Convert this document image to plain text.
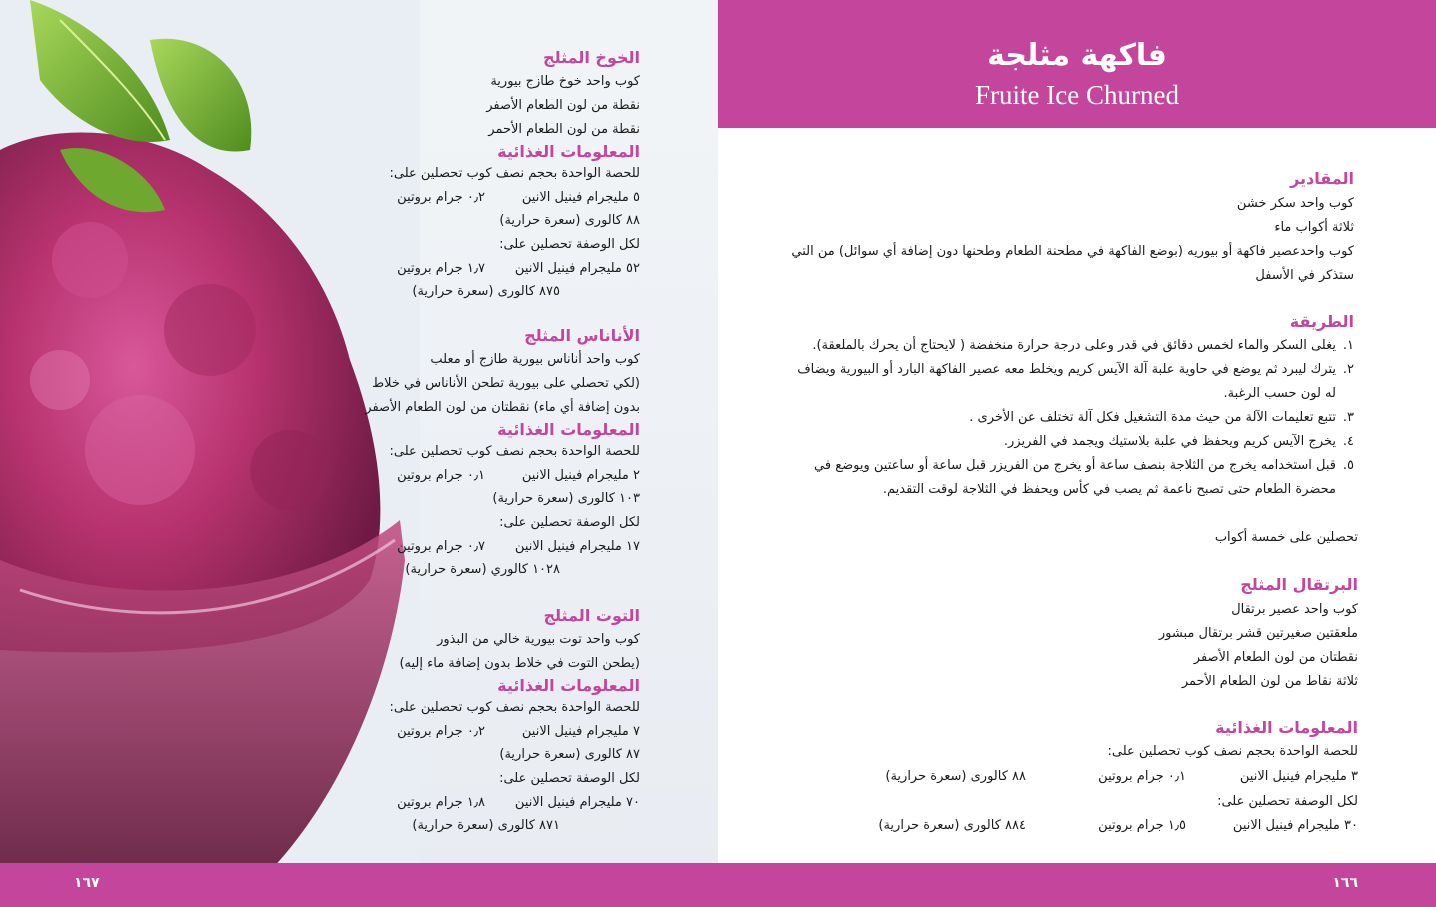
الخوخ المثلج
كوب واحد خوخ طازج بيورية
نقطة من لون الطعام الأصفر
نقطة من لون الطعام الأحمر
المعلومات الغذائية
للحصة الواحدة بحجم نصف كوب تحصلين على:
٥ مليجرام فينيل الانين
٠٫٢ جرام بروتين
٨٨ كالورى (سعرة حرارية)
لكل الوصفة تحصلين على:
٥٢ مليجرام فينيل الانين
١٫٧ جرام بروتين
٨٧٥ كالورى (سعرة حرارية)
الأناناس المثلج
كوب واحد أناناس بيورية طازج أو معلب
(لكي تحصلي على بيورية تطحن الأناناس في خلاط
بدون إضافة أي ماء) نقطتان من لون الطعام الأصفر
المعلومات الغذائية
للحصة الواحدة بحجم نصف كوب تحصلين على:
٢ مليجرام فينيل الانين
٠٫١ جرام بروتين
١٠٣ كالورى (سعرة حرارية)
لكل الوصفة تحصلين على:
١٧ مليجرام فينيل الانين
٠٫٧ جرام بروتين
١٠٢٨ كالوري (سعرة حرارية)
التوت المثلج
كوب واحد توت بيورية خالي من البذور
(يطحن التوت في خلاط بدون إضافة ماء إليه)
المعلومات الغذائية
للحصة الواحدة بحجم نصف كوب تحصلين على:
٧ مليجرام فينيل الانين
٠٫٢ جرام بروتين
٨٧ كالورى (سعرة حرارية)
لكل الوصفة تحصلين على:
٧٠ مليجرام فينيل الانين
١٫٨ جرام بروتين
٨٧١ كالورى (سعرة حرارية)
١٦٧
فاكهة مثلجة
Fruite Ice Churned
المقادير
كوب واحد سكر خشن
ثلاثة أكواب ماء
كوب واحدعصير فاكهة أو بيوريه (بوضع الفاكهة في مطحنة الطعام وطحنها دون إضافة أي سوائل) من التي
ستذكر في الأسفل
الطريقة
١.
يغلى السكر والماء لخمس دقائق في قدر وعلى درجة حرارة منخفضة ( لايحتاج أن يحرك بالملعقة).
٢.
يترك ليبرد ثم يوضع في حاوية علبة آلة الآيس كريم ويخلط معه عصير الفاكهة البارد أو البيورية ويضاف له لون حسب الرغبة.
٣.
تتبع تعليمات الآلة من حيث مدة التشغيل فكل آلة تختلف عن الأخرى .
٤.
يخرج الآيس كريم ويحفظ في علبة بلاستيك ويجمد في الفريزر.
٥.
قبل استخدامه يخرج من الثلاجة بنصف ساعة أو يخرج من الفريزر قبل ساعة أو ساعتين ويوضع في محضرة الطعام حتى تصبح ناعمة ثم يصب في كأس ويحفظ في الثلاجة لوقت التقديم.
تحصلين على خمسة أكواب
البرتقال المثلج
كوب واحد عصير برتقال
ملعقتين صغيرتين قشر برتقال مبشور
نقطتان من لون الطعام الأصفر
ثلاثة نقاط من لون الطعام الأحمر
المعلومات الغذائية
للحصة الواحدة بحجم نصف كوب تحصلين على:
٣ مليجرام فينيل الانين
٠٫١ جرام بروتين
٨٨ كالورى (سعرة حرارية)
لكل الوصفة تحصلين على:
٣٠ مليجرام فينيل الانين
١٫٥ جرام بروتين
٨٨٤ كالورى (سعرة حرارية)
١٦٦
